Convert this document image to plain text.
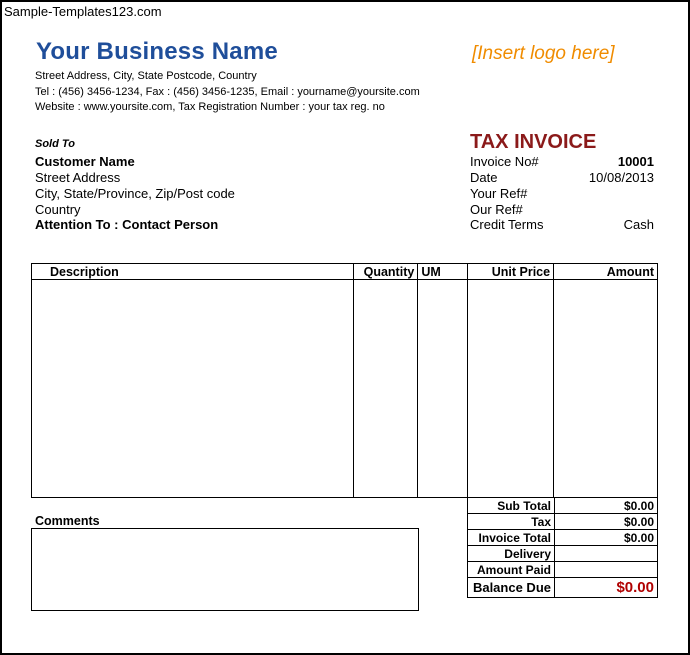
Sample-Templates123.com
Your Business Name	[Insert logo here]
Street Address, City, State Postcode, Country
Tel : (456) 3456-1234, Fax : (456) 3456-1235, Email : yourname@yoursite.com
Website : www.yoursite.com, Tax Registration Number : your tax reg. no
TAX INVOICE
Sold To
Customer Name
Street Address
City, State/Province, Zip/Post code
Country
Attention To : Contact Person
Invoice No#	10001
Date	10/08/2013
Your Ref#
Our Ref#
Credit Terms	Cash
Description	Quantity	UM	Unit Price	Amount

Sub Total	$0.00
Tax	$0.00
Invoice Total	$0.00
Delivery	
Amount Paid	
Balance Due	$0.00
Comments
